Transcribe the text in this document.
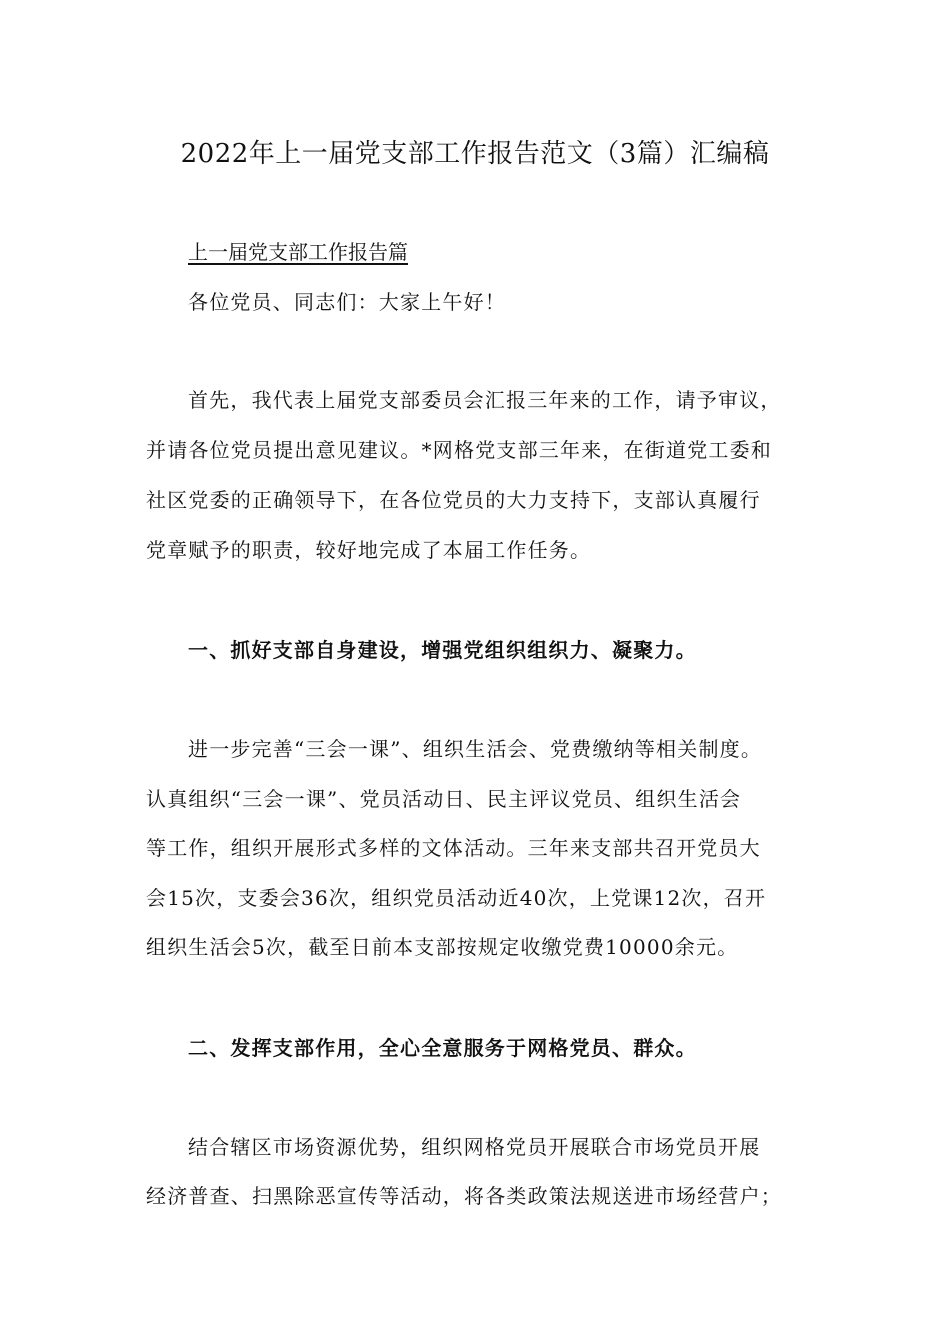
2022年上一届党支部工作报告范文（3篇）汇编稿
上一届党支部工作报告篇

各位党员、同志们：大家上午好！

首先，我代表上届党支部委员会汇报三年来的工作，请予审议，

并请各位党员提出意见建议。*网格党支部三年来，在街道党工委和

社区党委的正确领导下，在各位党员的大力支持下，支部认真履行

党章赋予的职责，较好地完成了本届工作任务。

一、抓好支部自身建设，增强党组织组织力、凝聚力。

进一步完善“三会一课”、组织生活会、党费缴纳等相关制度。

认真组织“三会一课”、党员活动日、民主评议党员、组织生活会

等工作，组织开展形式多样的文体活动。三年来支部共召开党员大

会15次，支委会36次，组织党员活动近40次，上党课12次，召开

组织生活会5次，截至日前本支部按规定收缴党费10000余元。

二、发挥支部作用，全心全意服务于网格党员、群众。

结合辖区市场资源优势，组织网格党员开展联合市场党员开展

经济普查、扫黑除恶宣传等活动，将各类政策法规送进市场经营户；
